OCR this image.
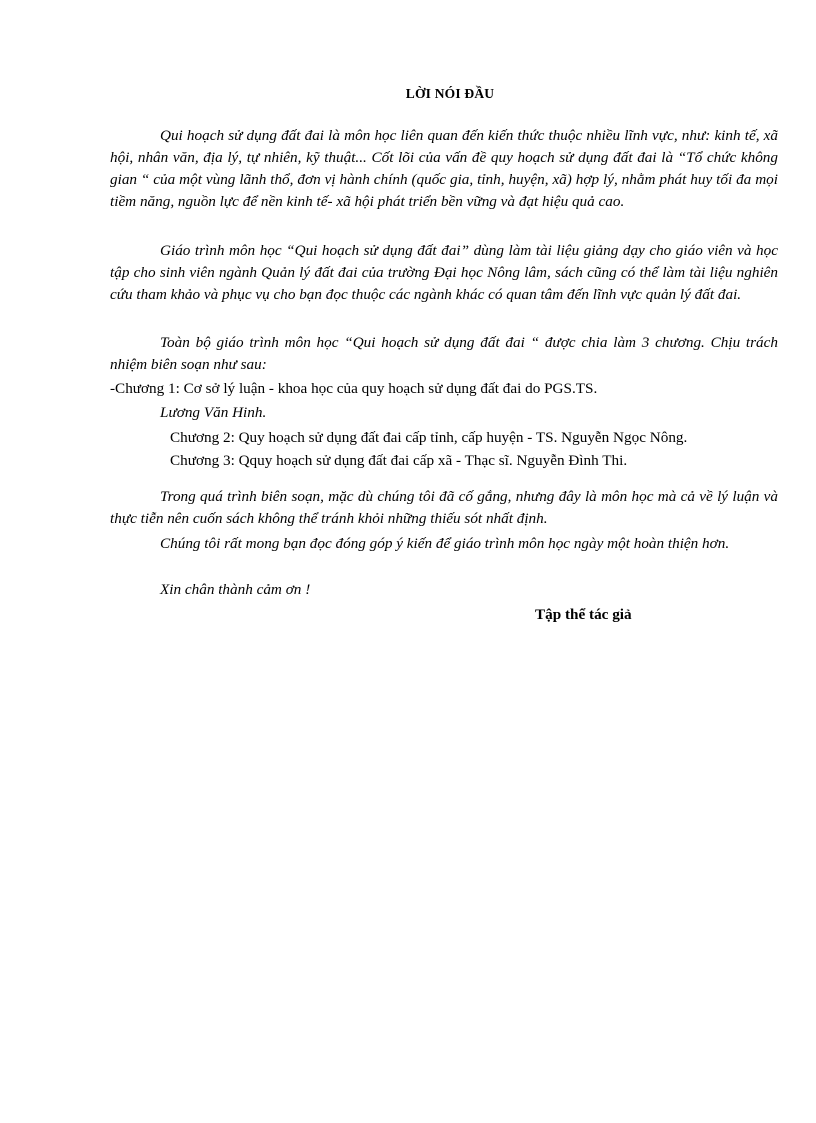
LỜI NÓI ĐẦU

Qui hoạch sử dụng đất đai là môn học liên quan đến kiến thức thuộc nhiều lĩnh vực, như: kinh tế, xã hội, nhân văn, địa lý, tự nhiên, kỹ thuật... Cốt lõi của vấn đề quy hoạch sử dụng đất đai là “Tổ chức không gian “ của một vùng lãnh thổ, đơn vị hành chính (quốc gia, tỉnh, huyện, xã) hợp lý, nhằm phát huy tối đa mọi tiềm năng, nguồn lực để nền kinh tế- xã hội phát triển bền vững và đạt hiệu quả cao.

Giáo trình môn học “Qui hoạch sử dụng đất đai” dùng làm tài liệu giảng dạy cho giáo viên và học tập cho sinh viên ngành Quản lý đất đai của trường Đại học Nông lâm, sách cũng có thể làm tài liệu nghiên cứu tham khảo và phục vụ cho bạn đọc thuộc các ngành khác có quan tâm đến lĩnh vực quản lý đất đai.

Toàn bộ giáo trình môn học “Qui hoạch sử dụng đất đai “ được chia làm 3 chương. Chịu trách nhiệm biên soạn như sau:

-Chương 1: Cơ sở lý luận - khoa học của quy hoạch sử dụng đất đai do PGS.TS.

Lương Văn Hinh.

Chương 2: Quy hoạch sử dụng đất đai cấp tỉnh, cấp huyện - TS. Nguyễn Ngọc Nông.

Chương 3: Qquy hoạch sử dụng đất đai cấp xã - Thạc sĩ. Nguyễn Đình Thi.

Trong quá trình biên soạn, mặc dù chúng tôi đã cố gắng, nhưng đây là môn học mà cả về lý luận và thực tiễn nên cuốn sách không thể tránh khỏi những thiếu sót nhất định.

Chúng tôi rất mong bạn đọc đóng góp ý kiến để giáo trình môn học ngày một hoàn thiện hơn.

Xin chân thành cảm ơn !

Tập thể tác giả
